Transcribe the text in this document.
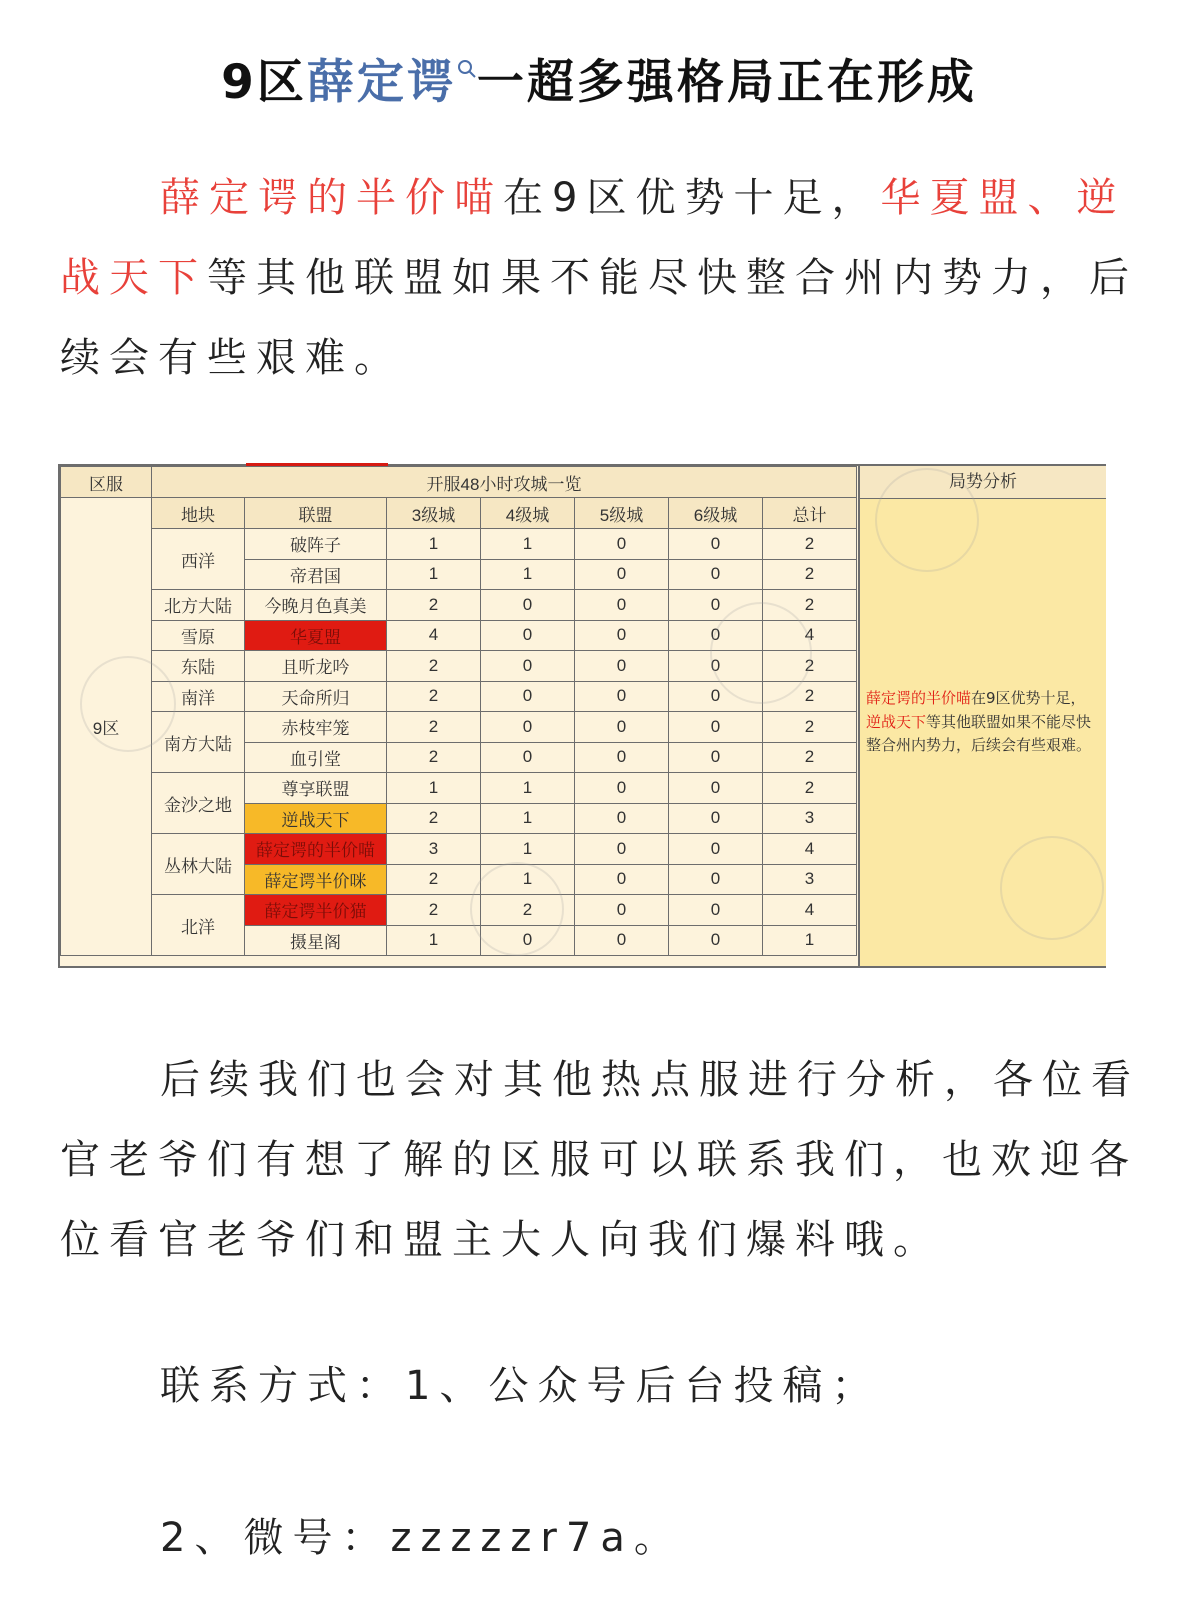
9区薛定谔 一超多强格局正在形成

薛定谔的半价喵在9区优势十足，华夏盟、逆战天下等其他联盟如果不能尽快整合州内势力，后续会有些艰难。

区服	开服48小时攻城一览						
9区	地块	联盟	3级城	4级城	5级城	6级城	总计
	西洋	破阵子	1	1	0	0	2
		帝君国	1	1	0	0	2
	北方大陆	今晚月色真美	2	0	0	0	2
	雪原	华夏盟	4	0	0	0	4
	东陆	且听龙吟	2	0	0	0	2
	南洋	天命所归	2	0	0	0	2
	南方大陆	赤枝牢笼	2	0	0	0	2
		血引堂	2	0	0	0	2
	金沙之地	尊享联盟	1	1	0	0	2
		逆战天下	2	1	0	0	3
	丛林大陆	薛定谔的半价喵	3	1	0	0	4
		薛定谔半价咪	2	1	0	0	3
	北洋	薛定谔半价猫	2	2	0	0	4
		摄星阁	1	0	0	0	1
局势分析
薛定谔的半价喵在9区优势十足，逆战天下等其他联盟如果不能尽快整合州内势力，后续会有些艰难。

后续我们也会对其他热点服进行分析，各位看官老爷们有想了解的区服可以联系我们，也欢迎各位看官老爷们和盟主大人向我们爆料哦。

联系方式：1、公众号后台投稿；

2、微号：zzzzzr7a。
